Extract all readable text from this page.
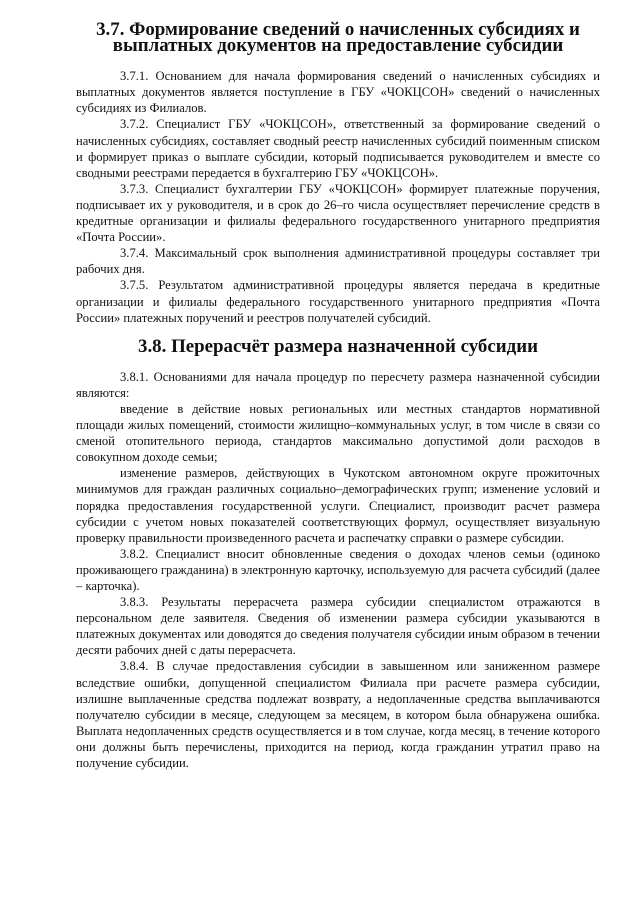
3.7. Формирование сведений о начисленных субсидиях и выплатных документов на предоставление субсидии

3.7.1. Основанием для начала формирования сведений о начисленных субсидиях и выплатных документов является поступление в ГБУ «ЧОКЦСОН» сведений о начисленных субсидиях из Филиалов.

3.7.2. Специалист ГБУ «ЧОКЦСОН», ответственный за формирование сведений о начисленных субсидиях, составляет сводный реестр начисленных субсидий поименным списком и формирует приказ о выплате субсидии, который подписывается руководителем и вместе со сводными реестрами передается в бухгалтерию ГБУ «ЧОКЦСОН».

3.7.3. Специалист бухгалтерии ГБУ «ЧОКЦСОН» формирует платежные поручения, подписывает их у руководителя, и в срок до 26–го числа осуществляет перечисление средств в кредитные организации и филиалы федерального государственного унитарного предприятия «Почта России».

3.7.4. Максимальный срок выполнения административной процедуры составляет три рабочих дня.

3.7.5. Результатом административной процедуры является передача в кредитные организации и филиалы федерального государственного унитарного предприятия «Почта России» платежных поручений и реестров получателей субсидий.

3.8. Перерасчёт размера назначенной субсидии

3.8.1. Основаниями для начала процедур по пересчету размера назначенной субсидии являются:

введение в действие новых региональных или местных стандартов нормативной площади жилых помещений, стоимости жилищно–коммунальных услуг, в том числе в связи со сменой отопительного периода, стандартов максимально допустимой доли расходов в совокупном доходе семьи;

изменение размеров, действующих в Чукотском автономном округе прожиточных минимумов для граждан различных социально–демографических групп; изменение условий и порядка предоставления государственной услуги. Специалист, производит расчет размера субсидии с учетом новых показателей соответствующих формул, осуществляет визуальную проверку правильности произведенного расчета и распечатку справки о размере субсидии.

3.8.2. Специалист вносит обновленные сведения о доходах членов семьи (одиноко проживающего гражданина) в электронную карточку, используемую для расчета субсидий (далее – карточка).

3.8.3. Результаты перерасчета размера субсидии специалистом отражаются в персональном деле заявителя. Сведения об изменении размера субсидии указываются в платежных документах или доводятся до сведения получателя субсидии иным образом в течении десяти рабочих дней с даты перерасчета.

3.8.4. В случае предоставления субсидии в завышенном или заниженном размере вследствие ошибки, допущенной специалистом Филиала при расчете размера субсидии, излишне выплаченные средства подлежат возврату, а недоплаченные средства выплачиваются получателю субсидии в месяце, следующем за месяцем, в котором была обнаружена ошибка. Выплата недоплаченных средств осуществляется и в том случае, когда месяц, в течение которого они должны быть перечислены, приходится на период, когда гражданин утратил право на получение субсидии.
